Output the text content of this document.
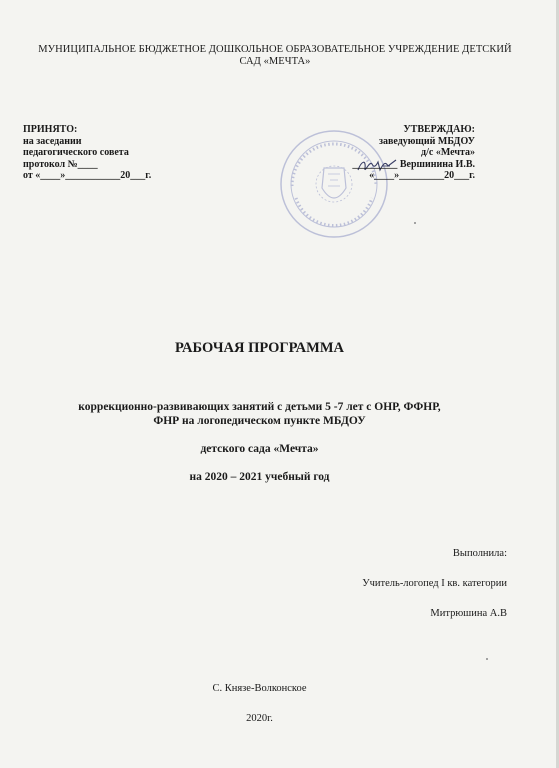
МУНИЦИПАЛЬНОЕ БЮДЖЕТНОЕ ДОШКОЛЬНОЕ ОБРАЗОВАТЕЛЬНОЕ УЧРЕЖДЕНИЕ ДЕТСКИЙ
САД «МЕЧТА»
ПРИНЯТО:
на заседании
педагогического совета
протокол №____
от «____»___________20___г.
УТВЕРЖДАЮ:
заведующий МБДОУ
д/с «Мечта»
_________ Вершинина И.В.
«____»_________20___г.
РАБОЧАЯ ПРОГРАММА
коррекционно-развивающих занятий с детьми 5 -7 лет с ОНР, ФФНР,
ФНР на логопедическом пункте МБДОУ
детского сада «Мечта»
на 2020 – 2021 учебный год
Выполнила:
Учитель-логопед I кв. категории
Митрюшина А.В
С. Князе-Волконское
2020г.
